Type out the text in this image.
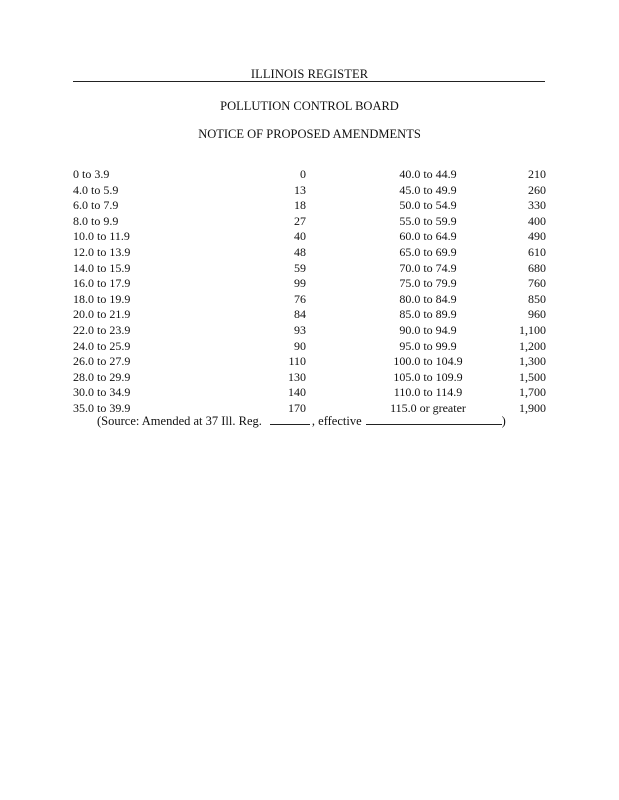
ILLINOIS REGISTER
POLLUTION CONTROL BOARD
NOTICE OF PROPOSED AMENDMENTS
0 to 3.9	0	40.0 to 44.9	210
4.0 to 5.9	13	45.0 to 49.9	260
6.0 to 7.9	18	50.0 to 54.9	330
8.0 to 9.9	27	55.0 to 59.9	400
10.0 to 11.9	40	60.0 to 64.9	490
12.0 to 13.9	48	65.0 to 69.9	610
14.0 to 15.9	59	70.0 to 74.9	680
16.0 to 17.9	99	75.0 to 79.9	760
18.0 to 19.9	76	80.0 to 84.9	850
20.0 to 21.9	84	85.0 to 89.9	960
22.0 to 23.9	93	90.0 to 94.9	1,100
24.0 to 25.9	90	95.0 to 99.9	1,200
26.0 to 27.9	110	100.0 to 104.9	1,300
28.0 to 29.9	130	105.0 to 109.9	1,500
30.0 to 34.9	140	110.0 to 114.9	1,700
35.0 to 39.9	170	115.0 or greater	1,900
(Source: Amended at 37 Ill. Reg.	, effective	)
